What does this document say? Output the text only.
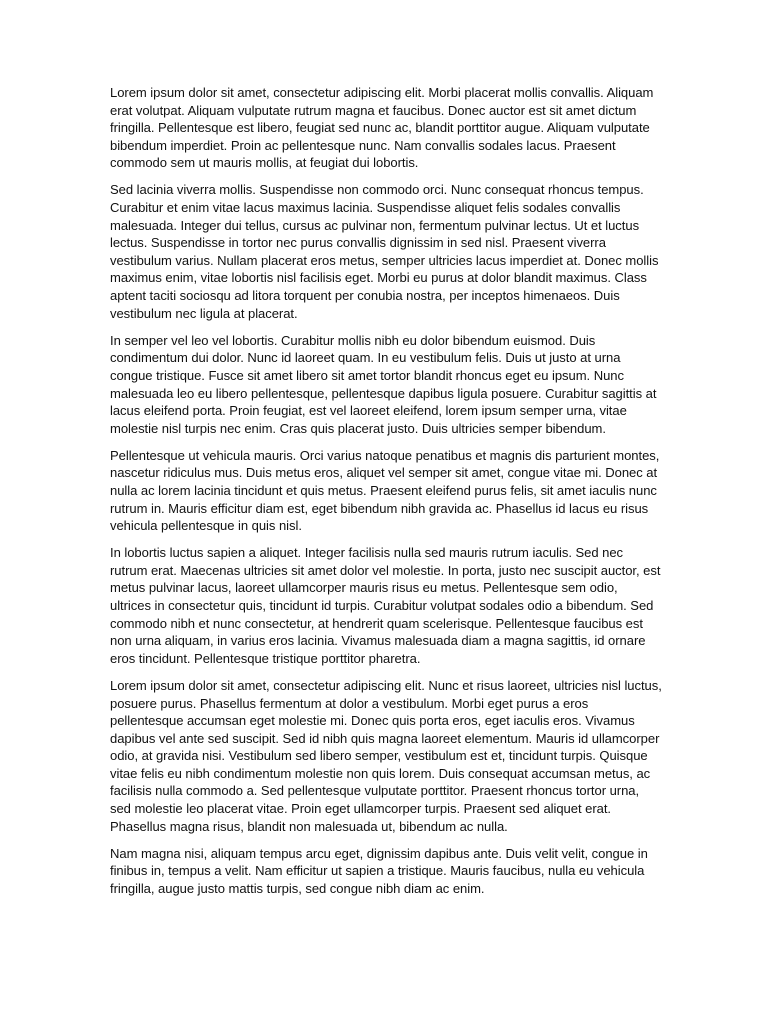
Lorem ipsum dolor sit amet, consectetur adipiscing elit. Morbi placerat mollis convallis. Aliquam erat volutpat. Aliquam vulputate rutrum magna et faucibus. Donec auctor est sit amet dictum fringilla. Pellentesque est libero, feugiat sed nunc ac, blandit porttitor augue. Aliquam vulputate bibendum imperdiet. Proin ac pellentesque nunc. Nam convallis sodales lacus. Praesent commodo sem ut mauris mollis, at feugiat dui lobortis.

Sed lacinia viverra mollis. Suspendisse non commodo orci. Nunc consequat rhoncus tempus. Curabitur et enim vitae lacus maximus lacinia. Suspendisse aliquet felis sodales convallis malesuada. Integer dui tellus, cursus ac pulvinar non, fermentum pulvinar lectus. Ut et luctus lectus. Suspendisse in tortor nec purus convallis dignissim in sed nisl. Praesent viverra vestibulum varius. Nullam placerat eros metus, semper ultricies lacus imperdiet at. Donec mollis maximus enim, vitae lobortis nisl facilisis eget. Morbi eu purus at dolor blandit maximus. Class aptent taciti sociosqu ad litora torquent per conubia nostra, per inceptos himenaeos. Duis vestibulum nec ligula at placerat.

In semper vel leo vel lobortis. Curabitur mollis nibh eu dolor bibendum euismod. Duis condimentum dui dolor. Nunc id laoreet quam. In eu vestibulum felis. Duis ut justo at urna congue tristique. Fusce sit amet libero sit amet tortor blandit rhoncus eget eu ipsum. Nunc malesuada leo eu libero pellentesque, pellentesque dapibus ligula posuere. Curabitur sagittis at lacus eleifend porta. Proin feugiat, est vel laoreet eleifend, lorem ipsum semper urna, vitae molestie nisl turpis nec enim. Cras quis placerat justo. Duis ultricies semper bibendum.

Pellentesque ut vehicula mauris. Orci varius natoque penatibus et magnis dis parturient montes, nascetur ridiculus mus. Duis metus eros, aliquet vel semper sit amet, congue vitae mi. Donec at nulla ac lorem lacinia tincidunt et quis metus. Praesent eleifend purus felis, sit amet iaculis nunc rutrum in. Mauris efficitur diam est, eget bibendum nibh gravida ac. Phasellus id lacus eu risus vehicula pellentesque in quis nisl.

In lobortis luctus sapien a aliquet. Integer facilisis nulla sed mauris rutrum iaculis. Sed nec rutrum erat. Maecenas ultricies sit amet dolor vel molestie. In porta, justo nec suscipit auctor, est metus pulvinar lacus, laoreet ullamcorper mauris risus eu metus. Pellentesque sem odio, ultrices in consectetur quis, tincidunt id turpis. Curabitur volutpat sodales odio a bibendum. Sed commodo nibh et nunc consectetur, at hendrerit quam scelerisque. Pellentesque faucibus est non urna aliquam, in varius eros lacinia. Vivamus malesuada diam a magna sagittis, id ornare eros tincidunt. Pellentesque tristique porttitor pharetra.

Lorem ipsum dolor sit amet, consectetur adipiscing elit. Nunc et risus laoreet, ultricies nisl luctus, posuere purus. Phasellus fermentum at dolor a vestibulum. Morbi eget purus a eros pellentesque accumsan eget molestie mi. Donec quis porta eros, eget iaculis eros. Vivamus dapibus vel ante sed suscipit. Sed id nibh quis magna laoreet elementum. Mauris id ullamcorper odio, at gravida nisi. Vestibulum sed libero semper, vestibulum est et, tincidunt turpis. Quisque vitae felis eu nibh condimentum molestie non quis lorem. Duis consequat accumsan metus, ac facilisis nulla commodo a. Sed pellentesque vulputate porttitor. Praesent rhoncus tortor urna, sed molestie leo placerat vitae. Proin eget ullamcorper turpis. Praesent sed aliquet erat. Phasellus magna risus, blandit non malesuada ut, bibendum ac nulla.

Nam magna nisi, aliquam tempus arcu eget, dignissim dapibus ante. Duis velit velit, congue in finibus in, tempus a velit. Nam efficitur ut sapien a tristique. Mauris faucibus, nulla eu vehicula fringilla, augue justo mattis turpis, sed congue nibh diam ac enim.
